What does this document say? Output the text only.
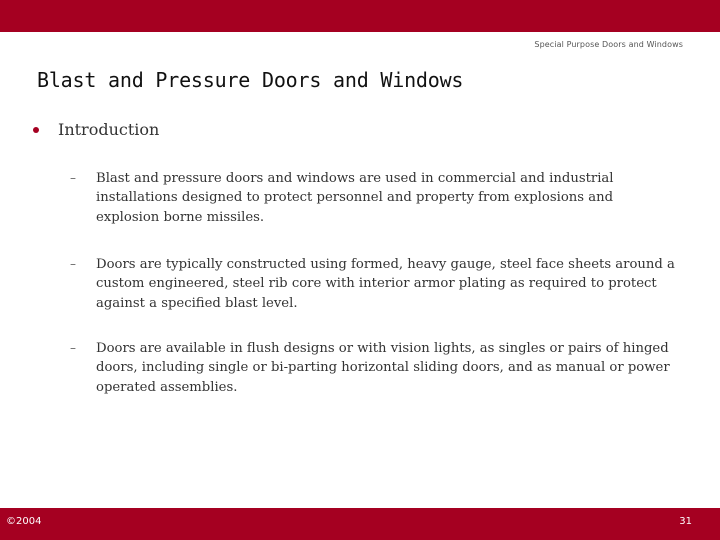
Special Purpose Doors and Windows
Blast and Pressure Doors and Windows
Introduction
–	Blast and pressure doors and windows are used in commercial and industrial installations designed to protect personnel and property from explosions and explosion borne missiles.
–	Doors are typically constructed using formed, heavy gauge, steel face sheets around a custom engineered, steel rib core with interior armor plating as required to protect against a specified blast level.
–	Doors are available in flush designs or with vision lights, as singles or pairs of hinged doors, including single or bi-parting horizontal sliding doors, and as manual or power operated assemblies.
©2004	31
